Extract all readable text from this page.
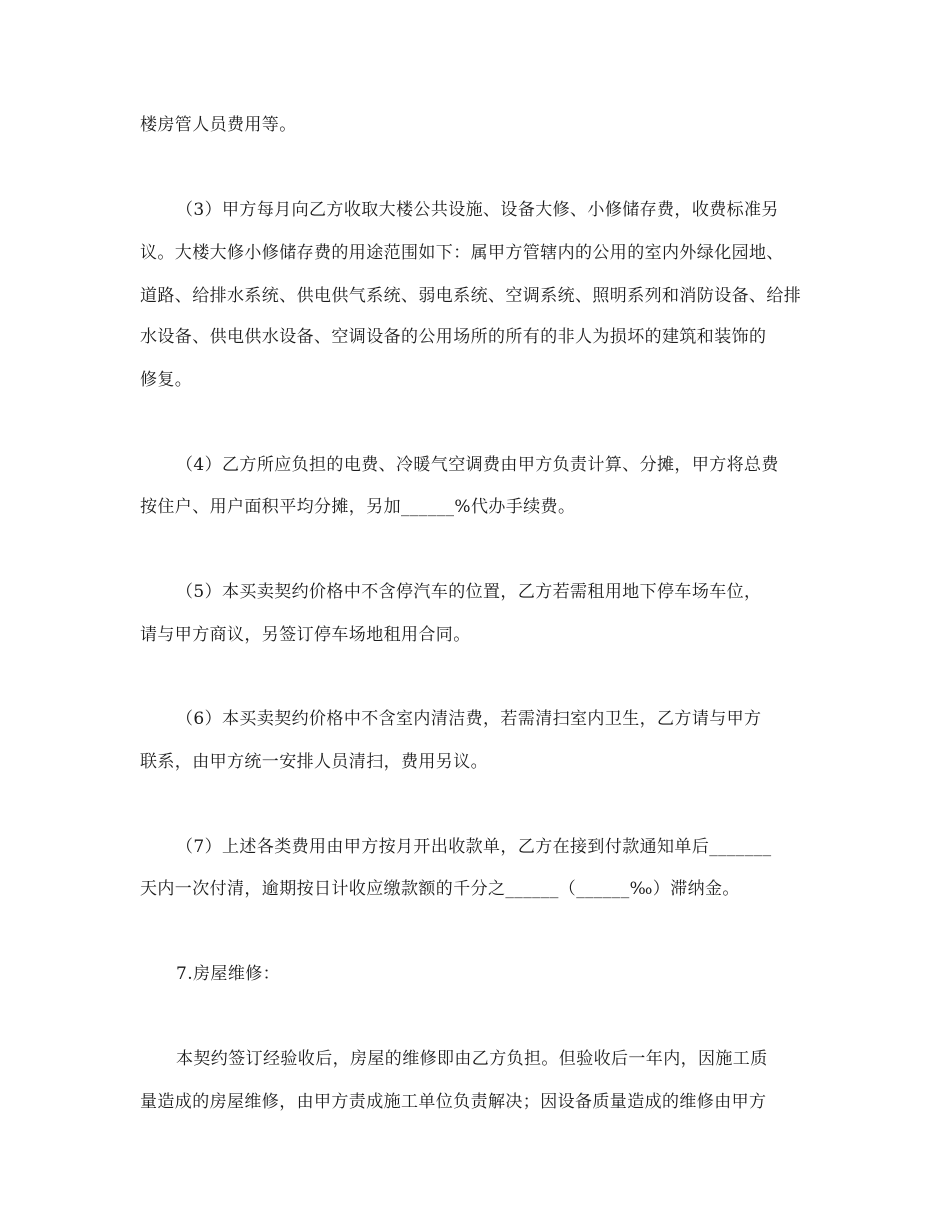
楼房管人员费用等。
（3）甲方每月向乙方收取大楼公共设施、设备大修、小修储存费，收费标准另
议。大楼大修小修储存费的用途范围如下：属甲方管辖内的公用的室内外绿化园地、
道路、给排水系统、供电供气系统、弱电系统、空调系统、照明系列和消防设备、给排
水设备、供电供水设备、空调设备的公用场所的所有的非人为损坏的建筑和装饰的
修复。
（4）乙方所应负担的电费、冷暖气空调费由甲方负责计算、分摊，甲方将总费
按住户、用户面积平均分摊，另加______%代办手续费。
（5）本买卖契约价格中不含停汽车的位置，乙方若需租用地下停车场车位，
请与甲方商议，另签订停车场地租用合同。
（6）本买卖契约价格中不含室内清洁费，若需清扫室内卫生，乙方请与甲方
联系，由甲方统一安排人员清扫，费用另议。
（7）上述各类费用由甲方按月开出收款单，乙方在接到付款通知单后_______
天内一次付清，逾期按日计收应缴款额的千分之______（______‰）滞纳金。
7.房屋维修：
本契约签订经验收后，房屋的维修即由乙方负担。但验收后一年内，因施工质
量造成的房屋维修，由甲方责成施工单位负责解决；因设备质量造成的维修由甲方
